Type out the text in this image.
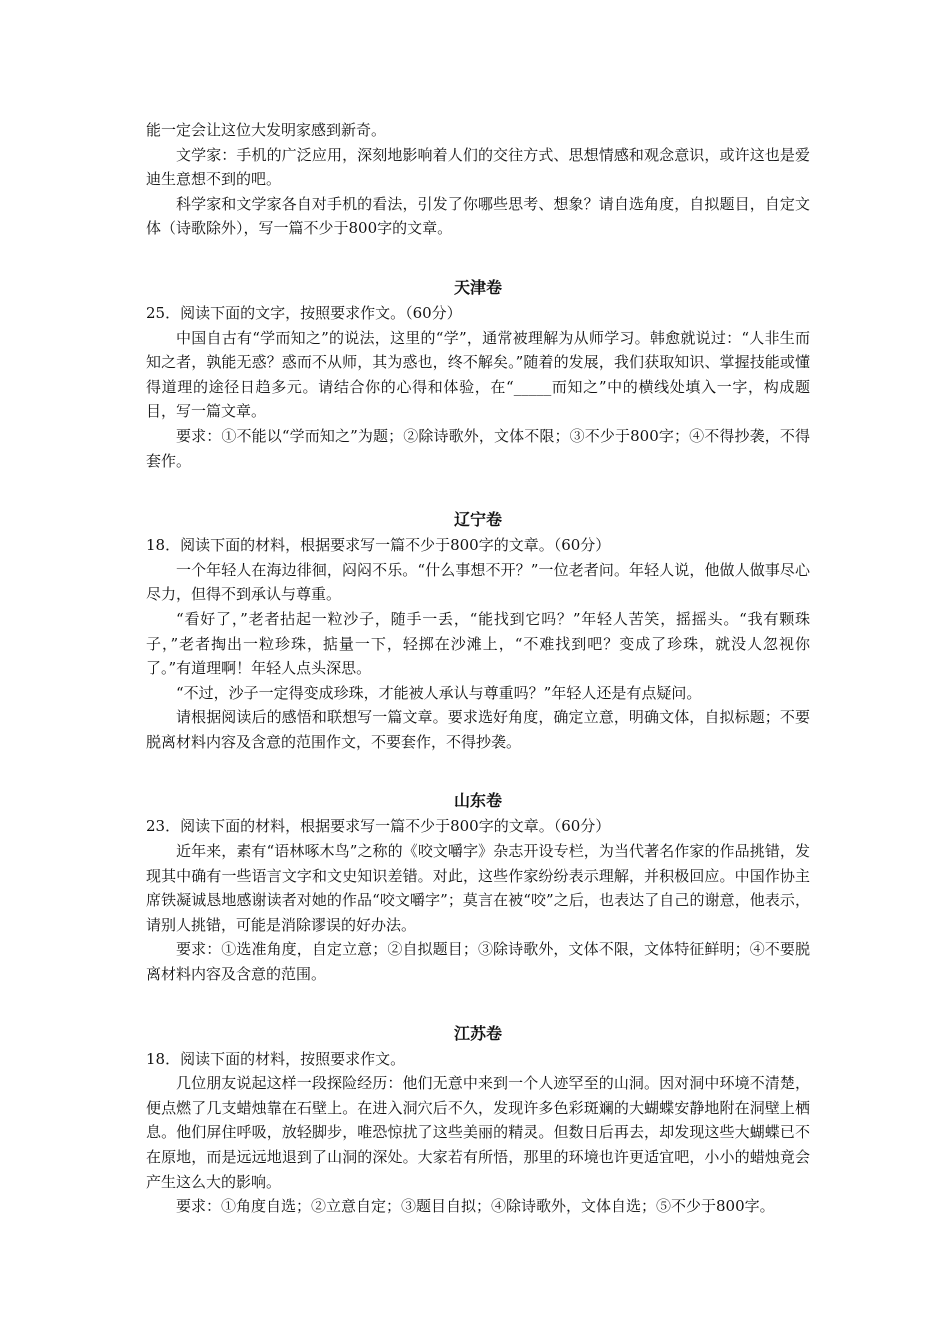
能一定会让这位大发明家感到新奇。

文学家：手机的广泛应用，深刻地影响着人们的交往方式、思想情感和观念意识，或许这也是爱迪生意想不到的吧。

科学家和文学家各自对手机的看法，引发了你哪些思考、想象？请自选角度，自拟题目，自定文体（诗歌除外），写一篇不少于800字的文章。

天津卷

25．阅读下面的文字，按照要求作文。（60分）

中国自古有“学而知之”的说法，这里的“学”，通常被理解为从师学习。韩愈就说过：“人非生而知之者，孰能无惑？惑而不从师，其为惑也，终不解矣。”随着的发展，我们获取知识、掌握技能或懂得道理的途径日趋多元。请结合你的心得和体验，在“_____而知之”中的横线处填入一字，构成题目，写一篇文章。

要求：①不能以“学而知之”为题；②除诗歌外，文体不限；③不少于800字；④不得抄袭，不得套作。

辽宁卷

18．阅读下面的材料，根据要求写一篇不少于800字的文章。（60分）

一个年轻人在海边徘徊，闷闷不乐。“什么事想不开？”一位老者问。年轻人说，他做人做事尽心尽力，但得不到承认与尊重。

“看好了，”老者拈起一粒沙子，随手一丢，“能找到它吗？”年轻人苦笑，摇摇头。“我有颗珠子，”老者掏出一粒珍珠，掂量一下，轻掷在沙滩上，“不难找到吧？变成了珍珠，就没人忽视你了。”有道理啊！年轻人点头深思。

“不过，沙子一定得变成珍珠，才能被人承认与尊重吗？”年轻人还是有点疑问。

请根据阅读后的感悟和联想写一篇文章。要求选好角度，确定立意，明确文体，自拟标题；不要脱离材料内容及含意的范围作文，不要套作，不得抄袭。

山东卷

23．阅读下面的材料，根据要求写一篇不少于800字的文章。（60分）

近年来，素有“语林啄木鸟”之称的《咬文嚼字》杂志开设专栏，为当代著名作家的作品挑错，发现其中确有一些语言文字和文史知识差错。对此，这些作家纷纷表示理解，并积极回应。中国作协主席铁凝诚恳地感谢读者对她的作品“咬文嚼字”；莫言在被“咬”之后，也表达了自己的谢意，他表示，请别人挑错，可能是消除谬误的好办法。

要求：①选准角度，自定立意；②自拟题目；③除诗歌外，文体不限，文体特征鲜明；④不要脱离材料内容及含意的范围。

江苏卷

18．阅读下面的材料，按照要求作文。

几位朋友说起这样一段探险经历：他们无意中来到一个人迹罕至的山洞。因对洞中环境不清楚，便点燃了几支蜡烛靠在石壁上。在进入洞穴后不久，发现许多色彩斑斓的大蝴蝶安静地附在洞壁上栖息。他们屏住呼吸，放轻脚步，唯恐惊扰了这些美丽的精灵。但数日后再去，却发现这些大蝴蝶已不在原地，而是远远地退到了山洞的深处。大家若有所悟，那里的环境也许更适宜吧，小小的蜡烛竟会产生这么大的影响。

要求：①角度自选；②立意自定；③题目自拟；④除诗歌外，文体自选；⑤不少于800字。
